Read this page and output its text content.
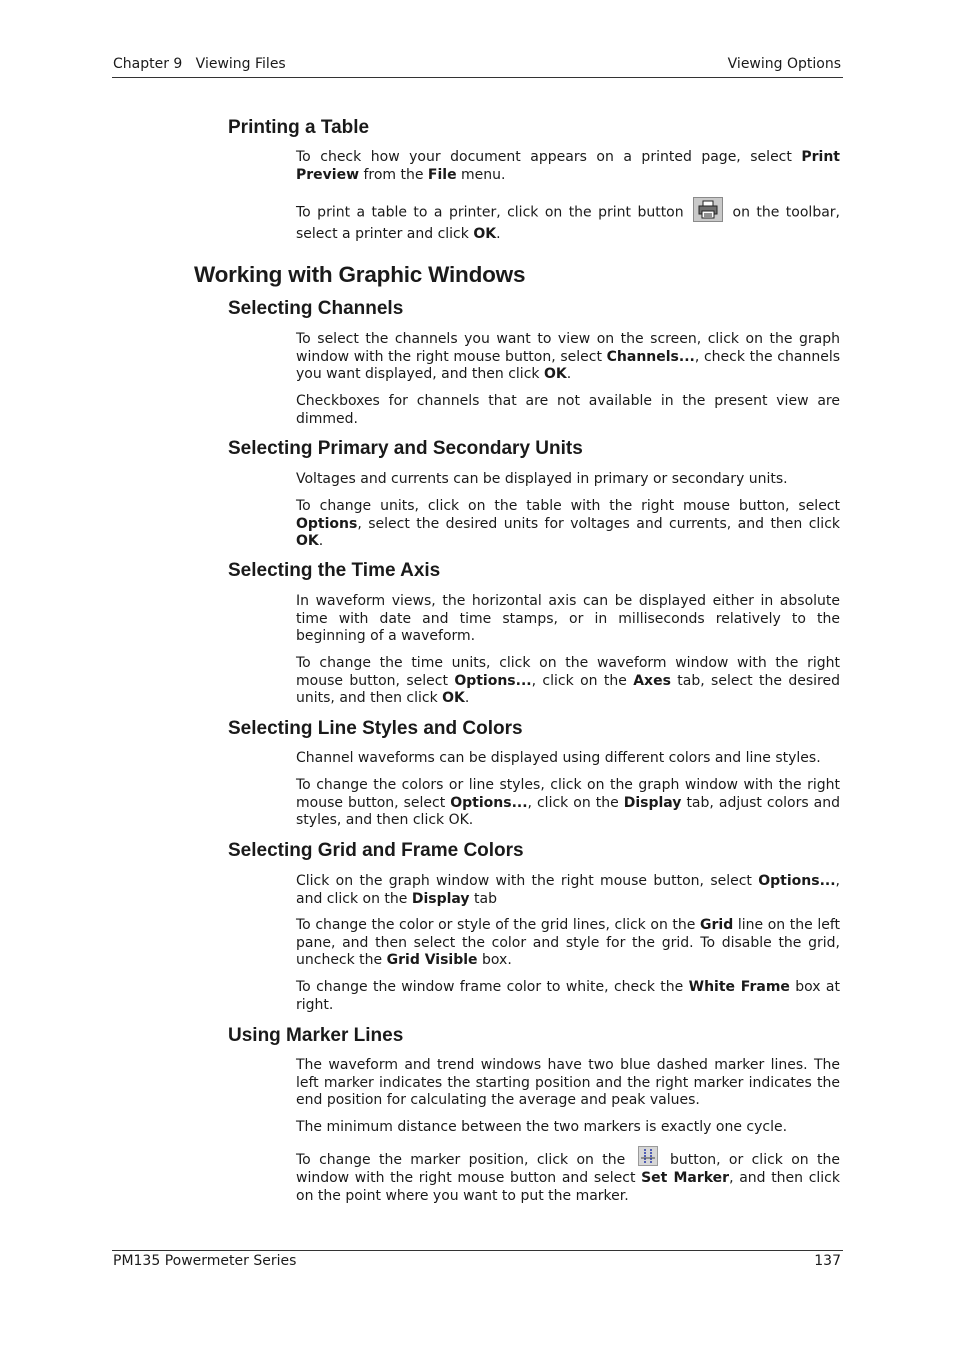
Chapter 9   Viewing Files	Viewing Options
Printing a Table

To check how your document appears on a printed page, select Print Preview from the File menu.

To print a table to a printer, click on the print button	on the toolbar, select a printer and click OK.

Working with Graphic Windows
Selecting Channels

To select the channels you want to view on the screen, click on the graph window with the right mouse button, select Channels..., check the channels you want displayed, and then click OK.

Checkboxes for channels that are not available in the present view are dimmed.

Selecting Primary and Secondary Units

Voltages and currents can be displayed in primary or secondary units.

To change units, click on the table with the right mouse button, select Options, select the desired units for voltages and currents, and then click OK.

Selecting the Time Axis

In waveform views, the horizontal axis can be displayed either in absolute time with date and time stamps, or in milliseconds relatively to the beginning of a waveform.

To change the time units, click on the waveform window with the right mouse button, select Options..., click on the Axes tab, select the desired units, and then click OK.

Selecting Line Styles and Colors

Channel waveforms can be displayed using different colors and line styles.

To change the colors or line styles, click on the graph window with the right mouse button, select Options..., click on the Display tab, adjust colors and styles, and then click OK.

Selecting Grid and Frame Colors

Click on the graph window with the right mouse button, select Options..., and click on the Display tab

To change the color or style of the grid lines, click on the Grid line on the left pane, and then select the color and style for the grid. To disable the grid, uncheck the Grid Visible box.

To change the window frame color to white, check the White Frame box at right.

Using Marker Lines

The waveform and trend windows have two blue dashed marker lines. The left marker indicates the starting position and the right marker indicates the end position for calculating the average and peak values.

The minimum distance between the two markers is exactly one cycle.

To change the marker position, click on the	button, or click on the window with the right mouse button and select Set Marker, and then click on the point where you want to put the marker.

PM135 Powermeter Series	137
